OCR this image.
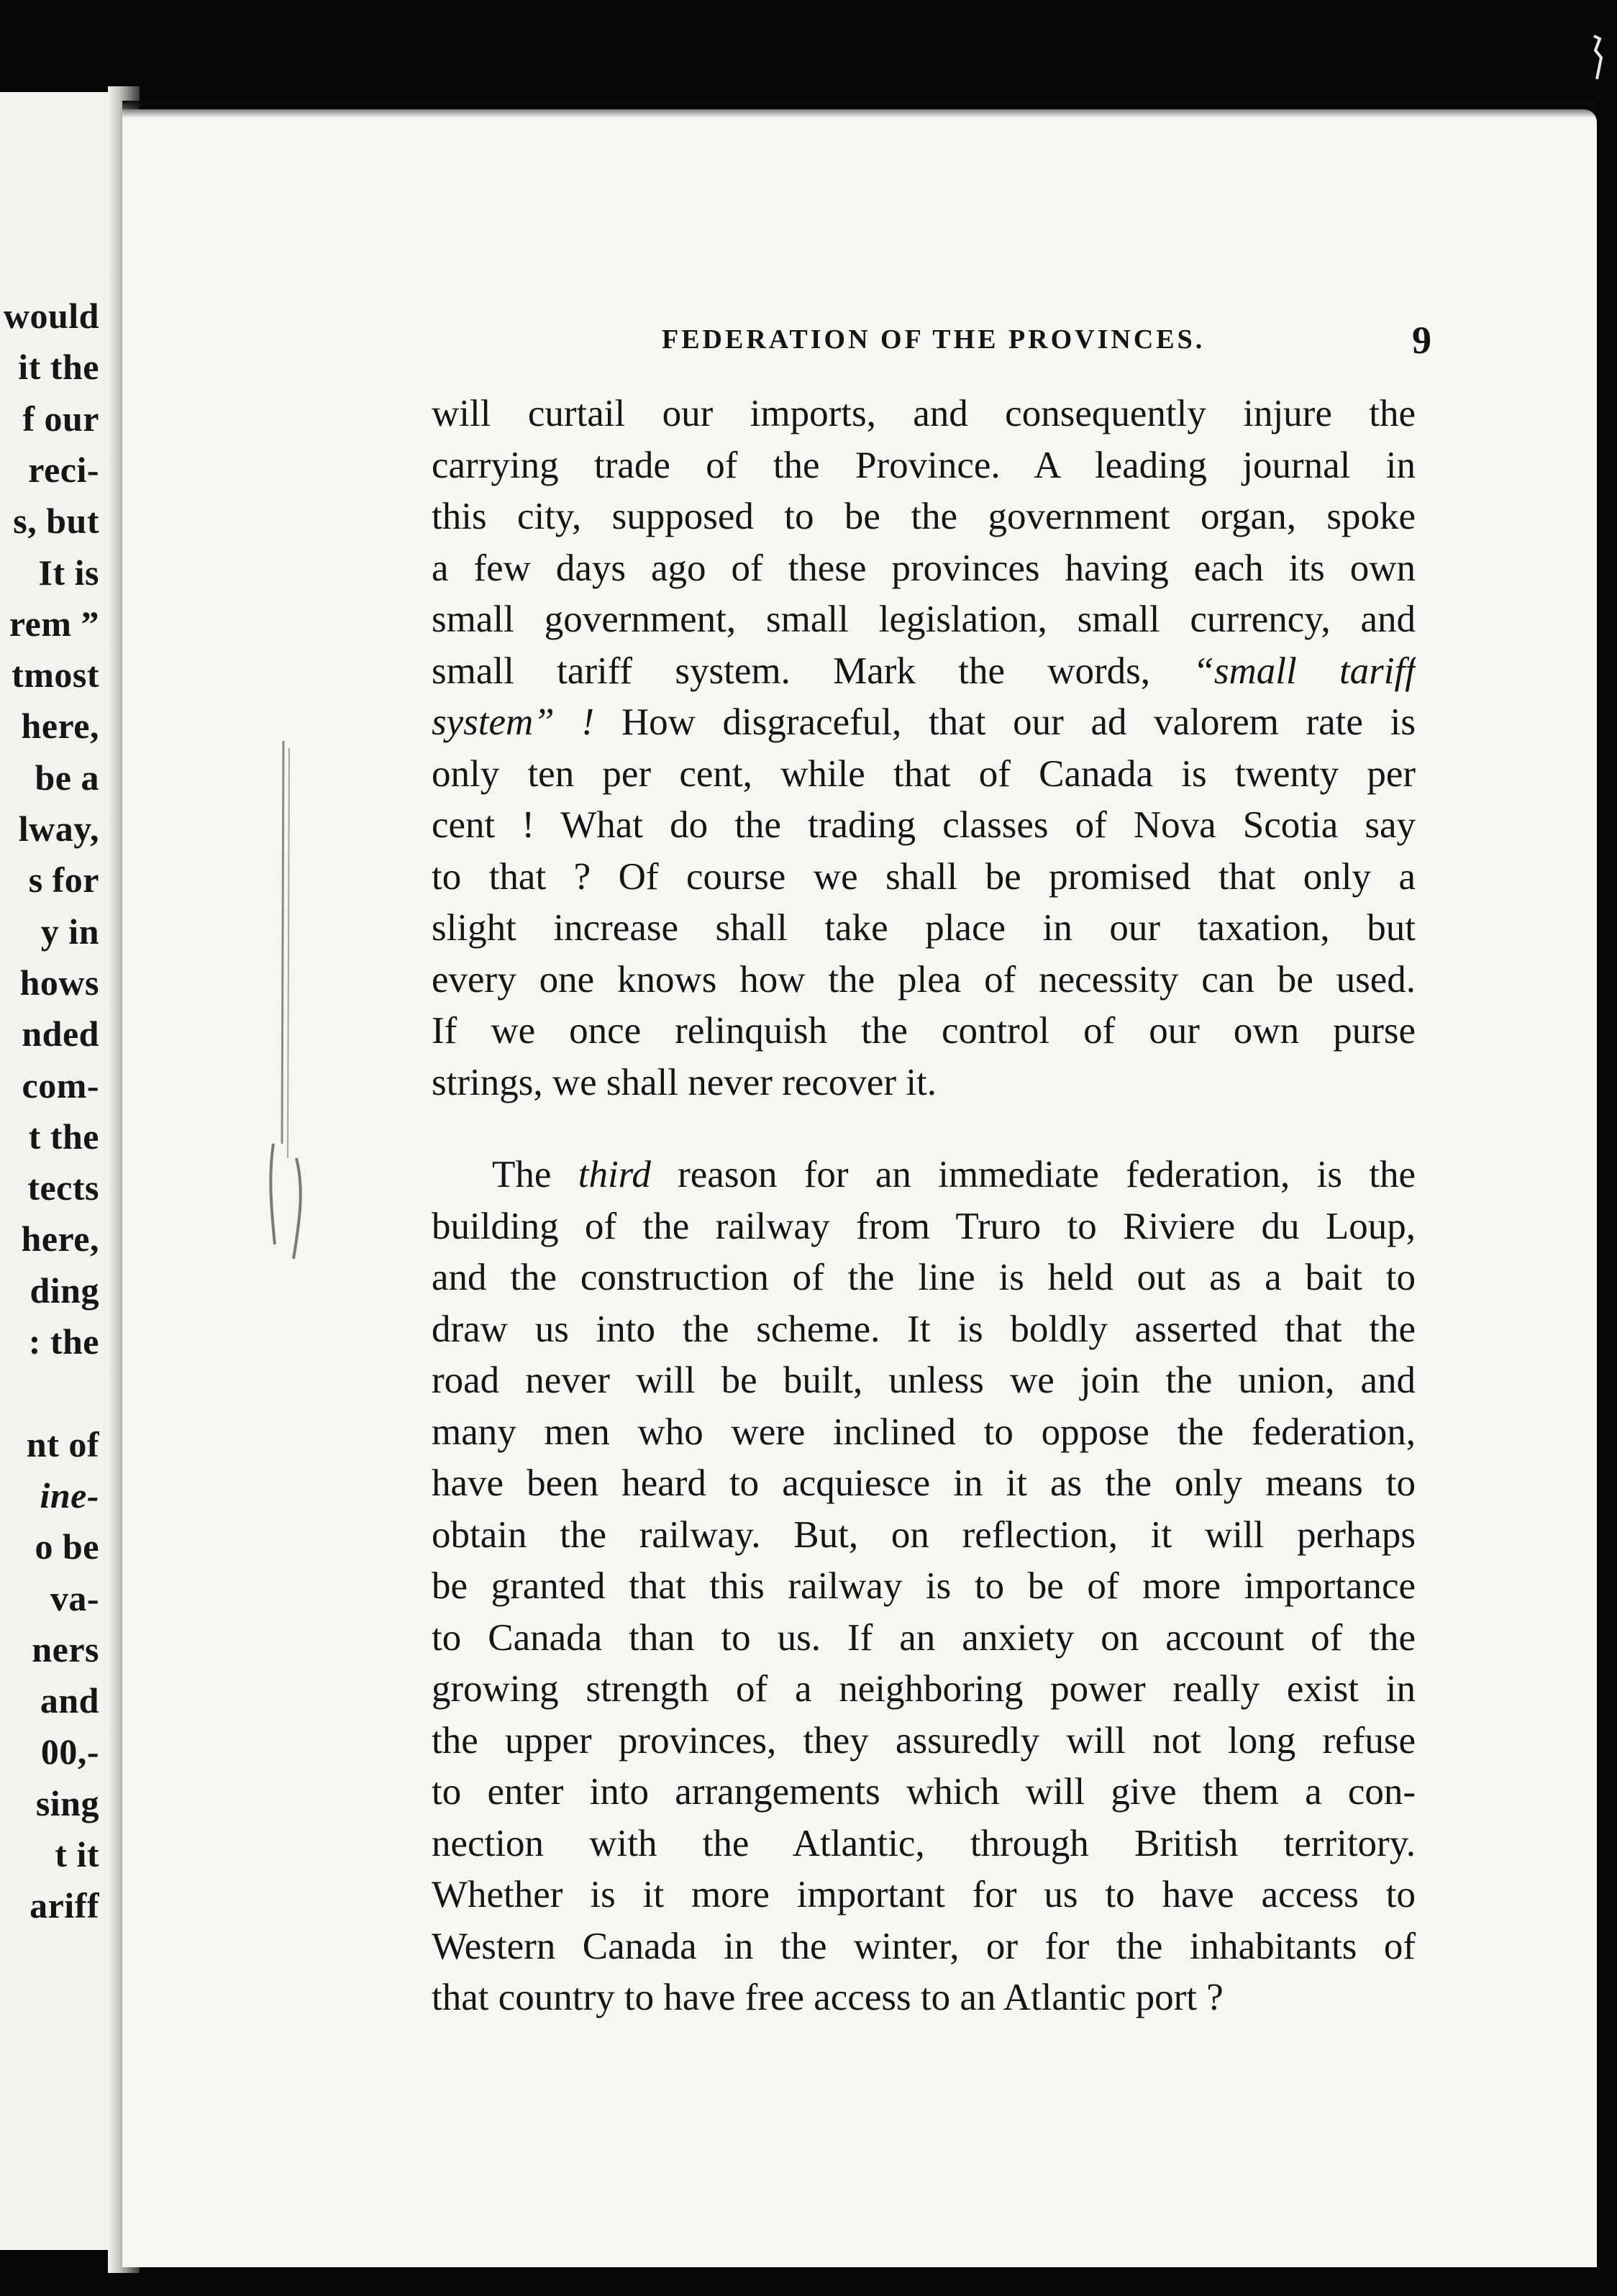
would
it the
f our
reci-
s, but
It is
rem ”
tmost
here,
be a
lway,
s for
y in
hows
nded
com-
t the
tects
here,
ding
: the
nt of
ine-
o be
va-
ners
and
00,-
sing
t it
ariff
FEDERATION OF THE PROVINCES.	9
will curtail our imports, and consequently injure the
carrying trade of the Province. A leading journal in
this city, supposed to be the government organ, spoke
a few days ago of these provinces having each its own
small government, small legislation, small currency, and
small tariff system. Mark the words, “small tariff
system” ! How disgraceful, that our ad valorem rate is
only ten per cent, while that of Canada is twenty per
cent ! What do the trading classes of Nova Scotia say
to that ? Of course we shall be promised that only a
slight increase shall take place in our taxation, but
every one knows how the plea of necessity can be used.
If we once relinquish the control of our own purse
strings, we shall never recover it.
The third reason for an immediate federation, is the
building of the railway from Truro to Riviere du Loup,
and the construction of the line is held out as a bait to
draw us into the scheme. It is boldly asserted that the
road never will be built, unless we join the union, and
many men who were inclined to oppose the federation,
have been heard to acquiesce in it as the only means to
obtain the railway. But, on reflection, it will perhaps
be granted that this railway is to be of more importance
to Canada than to us. If an anxiety on account of the
growing strength of a neighboring power really exist in
the upper provinces, they assuredly will not long refuse
to enter into arrangements which will give them a con-
nection with the Atlantic, through British territory.
Whether is it more important for us to have access to
Western Canada in the winter, or for the inhabitants of
that country to have free access to an Atlantic port ?
